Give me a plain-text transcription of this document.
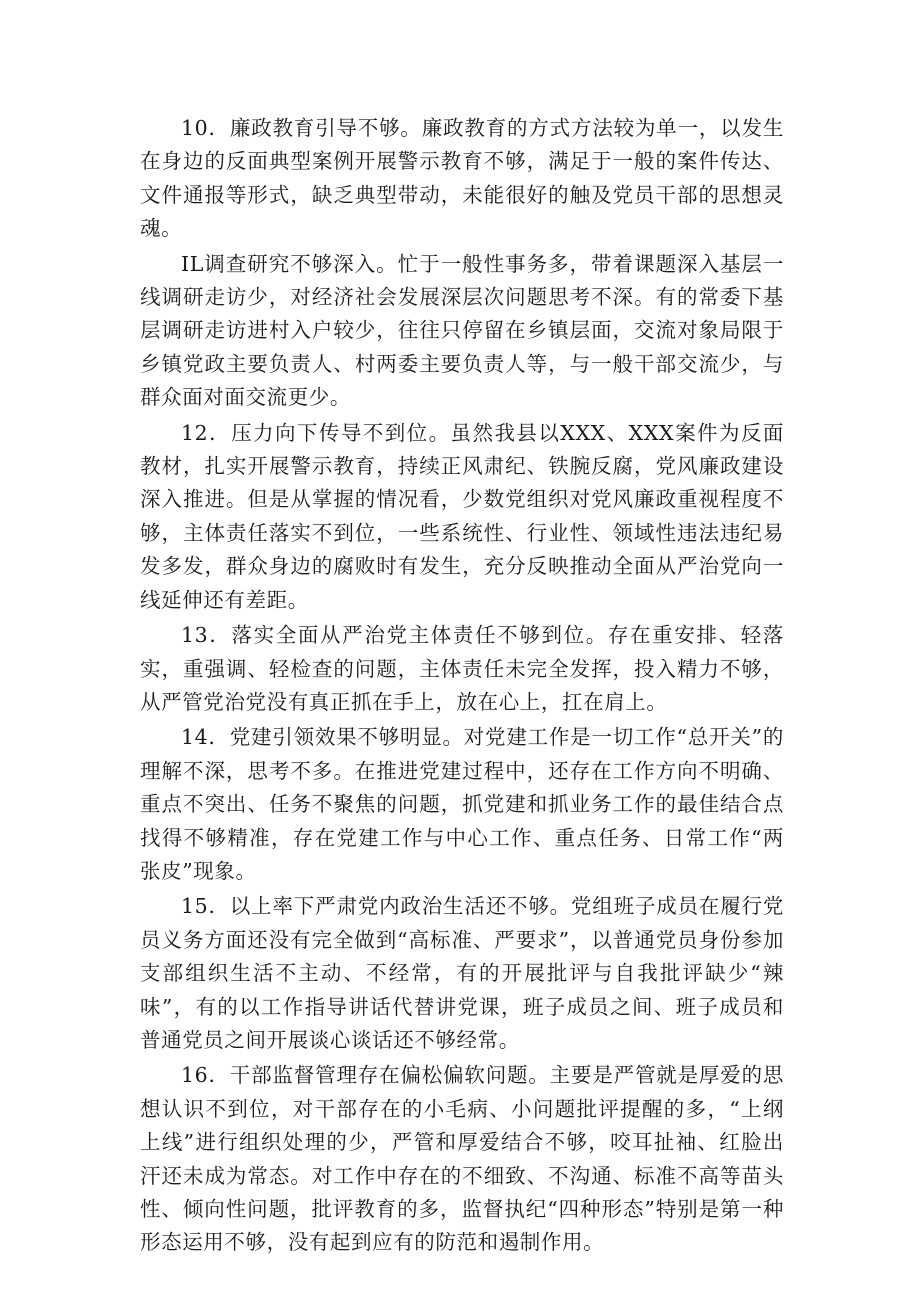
10．廉政教育引导不够。廉政教育的方式方法较为单一，以发生在身边的反面典型案例开展警示教育不够，满足于一般的案件传达、文件通报等形式，缺乏典型带动，未能很好的触及党员干部的思想灵魂。

IL调查研究不够深入。忙于一般性事务多，带着课题深入基层一线调研走访少，对经济社会发展深层次问题思考不深。有的常委下基层调研走访进村入户较少，往往只停留在乡镇层面，交流对象局限于乡镇党政主要负责人、村两委主要负责人等，与一般干部交流少，与群众面对面交流更少。

12．压力向下传导不到位。虽然我县以XXX、XXX案件为反面教材，扎实开展警示教育，持续正风肃纪、铁腕反腐，党风廉政建设深入推进。但是从掌握的情况看，少数党组织对党风廉政重视程度不够，主体责任落实不到位，一些系统性、行业性、领域性违法违纪易发多发，群众身边的腐败时有发生，充分反映推动全面从严治党向一线延伸还有差距。

13．落实全面从严治党主体责任不够到位。存在重安排、轻落实，重强调、轻检查的问题，主体责任未完全发挥，投入精力不够，从严管党治党没有真正抓在手上，放在心上，扛在肩上。

14．党建引领效果不够明显。对党建工作是一切工作“总开关”的理解不深，思考不多。在推进党建过程中，还存在工作方向不明确、重点不突出、任务不聚焦的问题，抓党建和抓业务工作的最佳结合点找得不够精准，存在党建工作与中心工作、重点任务、日常工作“两张皮”现象。

15．以上率下严肃党内政治生活还不够。党组班子成员在履行党员义务方面还没有完全做到“高标准、严要求”，以普通党员身份参加支部组织生活不主动、不经常，有的开展批评与自我批评缺少“辣味”，有的以工作指导讲话代替讲党课，班子成员之间、班子成员和普通党员之间开展谈心谈话还不够经常。

16．干部监督管理存在偏松偏软问题。主要是严管就是厚爱的思想认识不到位，对干部存在的小毛病、小问题批评提醒的多，“上纲上线”进行组织处理的少，严管和厚爱结合不够，咬耳扯袖、红脸出汗还未成为常态。对工作中存在的不细致、不沟通、标准不高等苗头性、倾向性问题，批评教育的多，监督执纪“四种形态”特别是第一种形态运用不够，没有起到应有的防范和遏制作用。
